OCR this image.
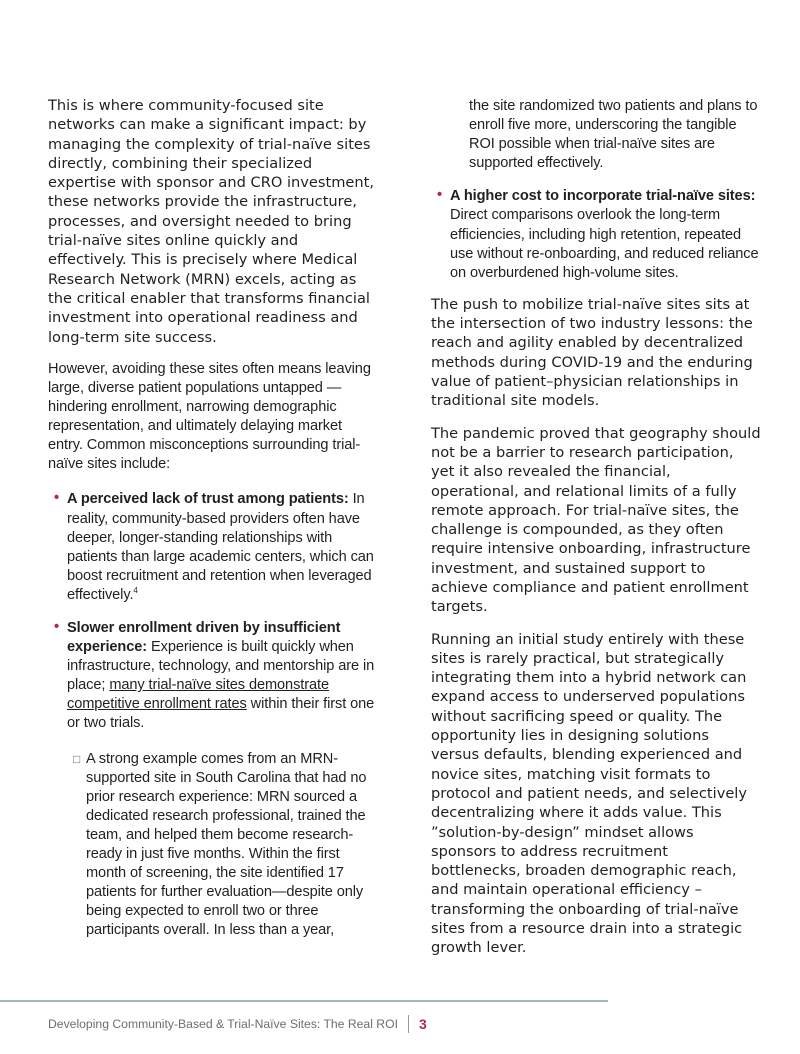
This is where community-focused site networks can make a significant impact: by managing the complexity of trial-naïve sites directly, combining their specialized expertise with sponsor and CRO investment, these networks provide the infrastructure, processes, and oversight needed to bring trial-naïve sites online quickly and effectively. This is precisely where Medical Research Network (MRN) excels, acting as the critical enabler that transforms financial investment into operational readiness and long-term site success.

However, avoiding these sites often means leaving large, diverse patient populations untapped — hindering enrollment, narrowing demographic representation, and ultimately delaying market entry. Common misconceptions surrounding trial-naïve sites include:

• A perceived lack of trust among patients: In reality, community-based providers often have deeper, longer-standing relationships with patients than large academic centers, which can boost recruitment and retention when leveraged effectively.$^4$
• Slower enrollment driven by insufficient experience: Experience is built quickly when infrastructure, technology, and mentorship are in place; many trial-naïve sites demonstrate competitive enrollment rates within their first one or two trials.
□ A strong example comes from an MRN-supported site in South Carolina that had no prior research experience: MRN sourced a dedicated research professional, trained the team, and helped them become research-ready in just five months. Within the first month of screening, the site identified 17 patients for further evaluation—despite only being expected to enroll two or three participants overall. In less than a year,

the site randomized two patients and plans to enroll five more, underscoring the tangible ROI possible when trial-naïve sites are supported effectively.

• A higher cost to incorporate trial-naïve sites: Direct comparisons overlook the long-term efficiencies, including high retention, repeated use without re-onboarding, and reduced reliance on overburdened high-volume sites.

The push to mobilize trial-naïve sites sits at the intersection of two industry lessons: the reach and agility enabled by decentralized methods during COVID-19 and the enduring value of patient–physician relationships in traditional site models.

The pandemic proved that geography should not be a barrier to research participation, yet it also revealed the financial, operational, and relational limits of a fully remote approach. For trial-naïve sites, the challenge is compounded, as they often require intensive onboarding, infrastructure investment, and sustained support to achieve compliance and patient enrollment targets.

Running an initial study entirely with these sites is rarely practical, but strategically integrating them into a hybrid network can expand access to underserved populations without sacrificing speed or quality. The opportunity lies in designing solutions versus defaults, blending experienced and novice sites, matching visit formats to protocol and patient needs, and selectively decentralizing where it adds value. This ”solution-by-design” mindset allows sponsors to address recruitment bottlenecks, broaden demographic reach, and maintain operational efficiency – transforming the onboarding of trial-naïve sites from a resource drain into a strategic growth lever.

Developing Community-Based & Trial-Naïve Sites: The Real ROI 3
